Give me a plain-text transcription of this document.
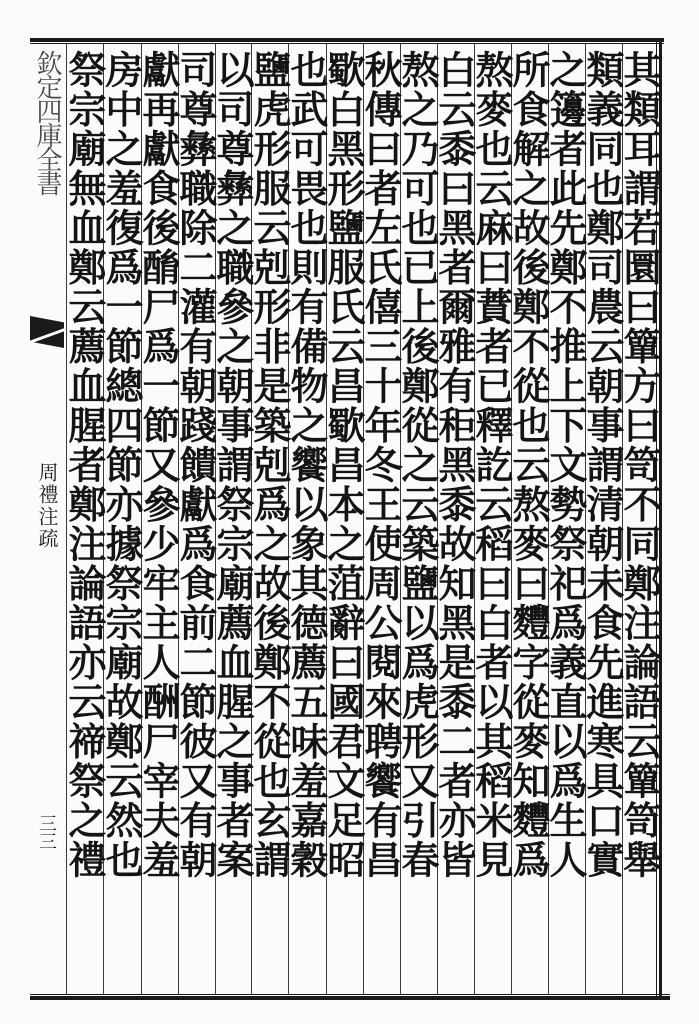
欽定四庫全書
周禮注疏
三三	其類耳謂若圜曰簞方曰笥不同鄭注論語云簞笥舉
類義同也鄭司農云朝事謂清朝未食先進寒具口實
之籩者此先鄭不推上下文勢祭祀爲義直以爲生人
所食解之故後鄭不從也云熬麥曰麷字從麥知麷爲
熬麥也云麻曰蕡者已釋訖云稻曰白者以其稻米見
白云黍曰黑者爾雅有秬黑黍故知黑是黍二者亦皆
熬之乃可也已上後鄭從之云築鹽以爲虎形又引春
秋傳曰者左氏僖三十年冬王使周公閱來聘饗有昌
歜白黑形鹽服氏云昌歜昌本之菹辭曰國君文足昭
也武可畏也則有備物之饗以象其德薦五味羞嘉穀
鹽虎形服云剋形非是築剋爲之故後鄭不從也玄謂
以司尊彝之職參之朝事謂祭宗廟薦血腥之事者案
司尊彝職除二灌有朝踐饋獻爲食前二節彼又有朝
獻再獻食後酳尸爲一節又參少牢主人酬尸宰夫羞
房中之羞復爲一節總四節亦據祭宗廟故鄭云然也
祭宗廟無血鄭云薦血腥者鄭注論語亦云禘祭之禮
